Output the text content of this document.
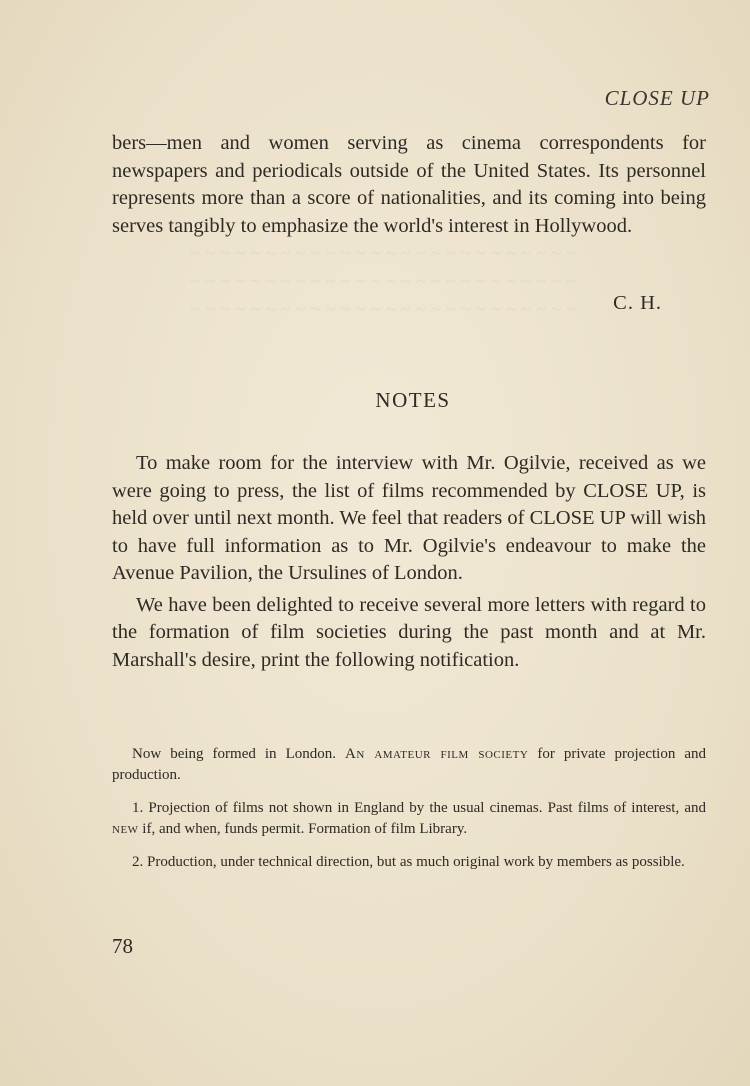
~ ~ ~ ~ ~ ~ ~ ~ ~ ~ ~ ~ ~ ~ ~ ~ ~ ~ ~ ~ ~ ~ ~ ~ ~ ~
~ ~ ~ ~ ~ ~ ~ ~ ~ ~ ~ ~ ~ ~ ~ ~ ~ ~ ~ ~ ~ ~ ~ ~ ~ ~
~ ~ ~ ~ ~ ~ ~ ~ ~ ~ ~ ~ ~ ~ ~ ~ ~ ~ ~ ~ ~ ~ ~ ~ ~ ~
CLOSE UP
bers—men and women serving as cinema correspondents for newspapers and periodicals outside of the United States. Its personnel represents more than a score of nationalities, and its coming into being serves tangibly to emphasize the world's interest in Hollywood.
C. H.
NOTES

To make room for the interview with Mr. Ogilvie, received as we were going to press, the list of films recommended by CLOSE UP, is held over until next month. We feel that readers of CLOSE UP will wish to have full information as to Mr. Ogilvie's endeavour to make the Avenue Pavilion, the Ursulines of London.

We have been delighted to receive several more letters with regard to the formation of film societies during the past month and at Mr. Marshall's desire, print the following notification.

Now being formed in London. An amateur film society for private projection and production.

1. Projection of films not shown in England by the usual cinemas. Past films of interest, and new if, and when, funds permit. Formation of film Library.

2. Production, under technical direction, but as much original work by members as possible.

78
